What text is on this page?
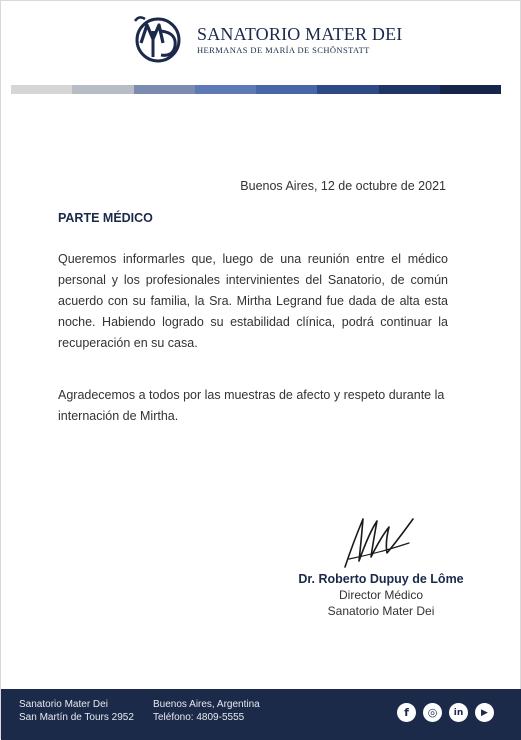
SANATORIO MATER DEI
HERMANAS DE MARÍA DE SCHÖNSTATT
Buenos Aires, 12 de octubre de 2021
PARTE MÉDICO
Queremos informarles que, luego de una reunión entre el médico personal y los profesionales intervinientes del Sanatorio, de común acuerdo con su familia, la Sra. Mirtha Legrand fue dada de alta esta noche. Habiendo logrado su estabilidad clínica, podrá continuar la recuperación en su casa.
Agradecemos a todos por las muestras de afecto y respeto durante la internación de Mirtha.
Dr. Roberto Dupuy de Lôme
Director Médico
Sanatorio Mater Dei
Sanatorio Mater Dei
San Martín de Tours 2952
Buenos Aires, Argentina
Teléfono: 4809-5555	f	◎	in	▶
